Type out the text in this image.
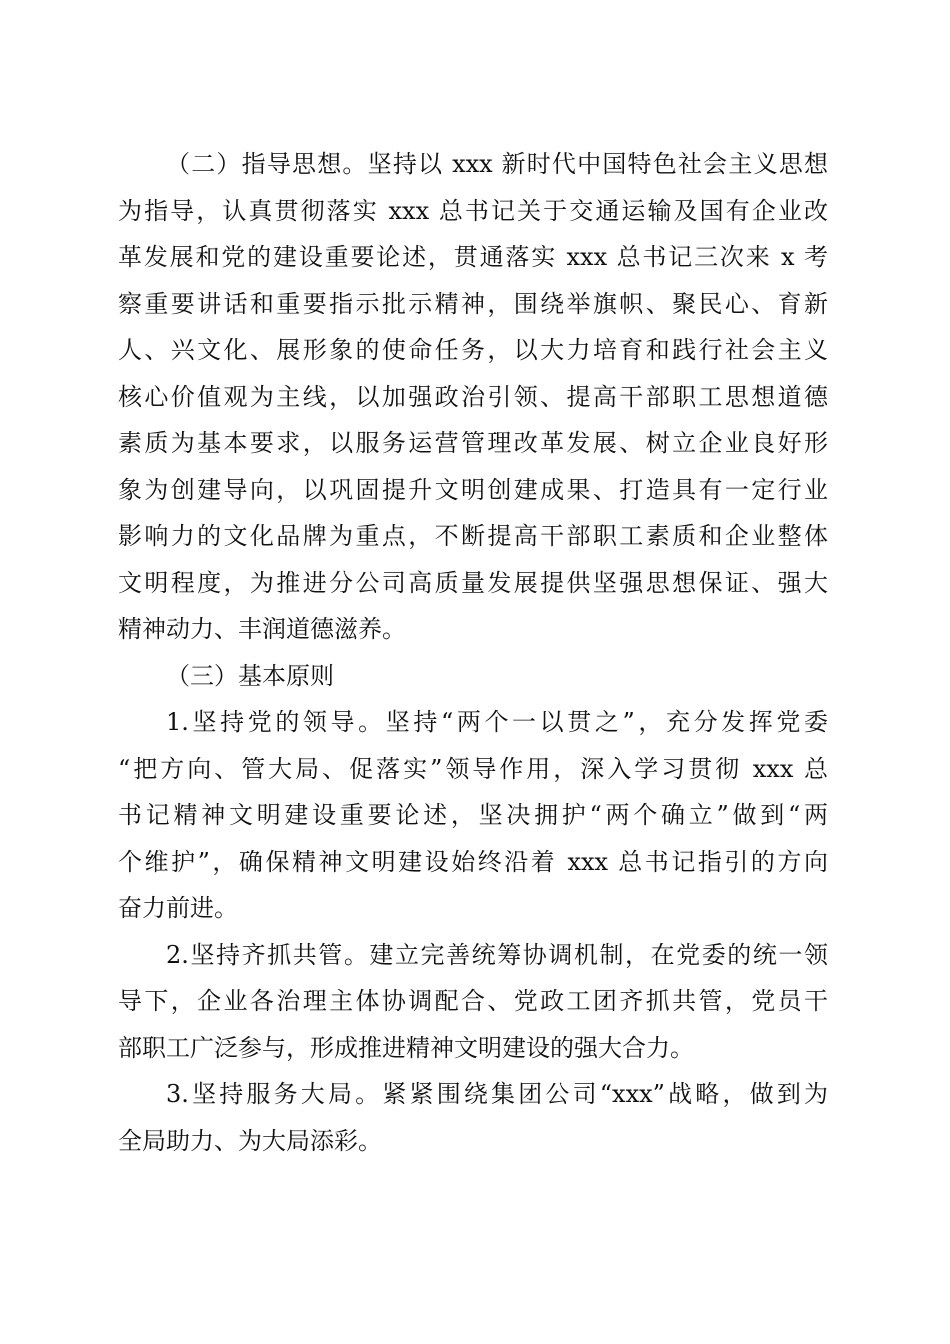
（二）指导思想。坚持以 xxx 新时代中国特色社会主义思想
为指导，认真贯彻落实 xxx 总书记关于交通运输及国有企业改
革发展和党的建设重要论述，贯通落实 xxx 总书记三次来 x 考
察重要讲话和重要指示批示精神，围绕举旗帜、聚民心、育新
人、兴文化、展形象的使命任务，以大力培育和践行社会主义
核心价值观为主线，以加强政治引领、提高干部职工思想道德
素质为基本要求，以服务运营管理改革发展、树立企业良好形
象为创建导向，以巩固提升文明创建成果、打造具有一定行业
影响力的文化品牌为重点，不断提高干部职工素质和企业整体
文明程度，为推进分公司高质量发展提供坚强思想保证、强大
精神动力、丰润道德滋养。
（三）基本原则
1.坚持党的领导。坚持“两个一以贯之”，充分发挥党委
“把方向、管大局、促落实”领导作用，深入学习贯彻 xxx 总
书记精神文明建设重要论述，坚决拥护“两个确立”做到“两
个维护”，确保精神文明建设始终沿着 xxx 总书记指引的方向
奋力前进。
2.坚持齐抓共管。建立完善统筹协调机制，在党委的统一领
导下，企业各治理主体协调配合、党政工团齐抓共管，党员干
部职工广泛参与，形成推进精神文明建设的强大合力。
3.坚持服务大局。紧紧围绕集团公司“xxx”战略，做到为
全局助力、为大局添彩。
